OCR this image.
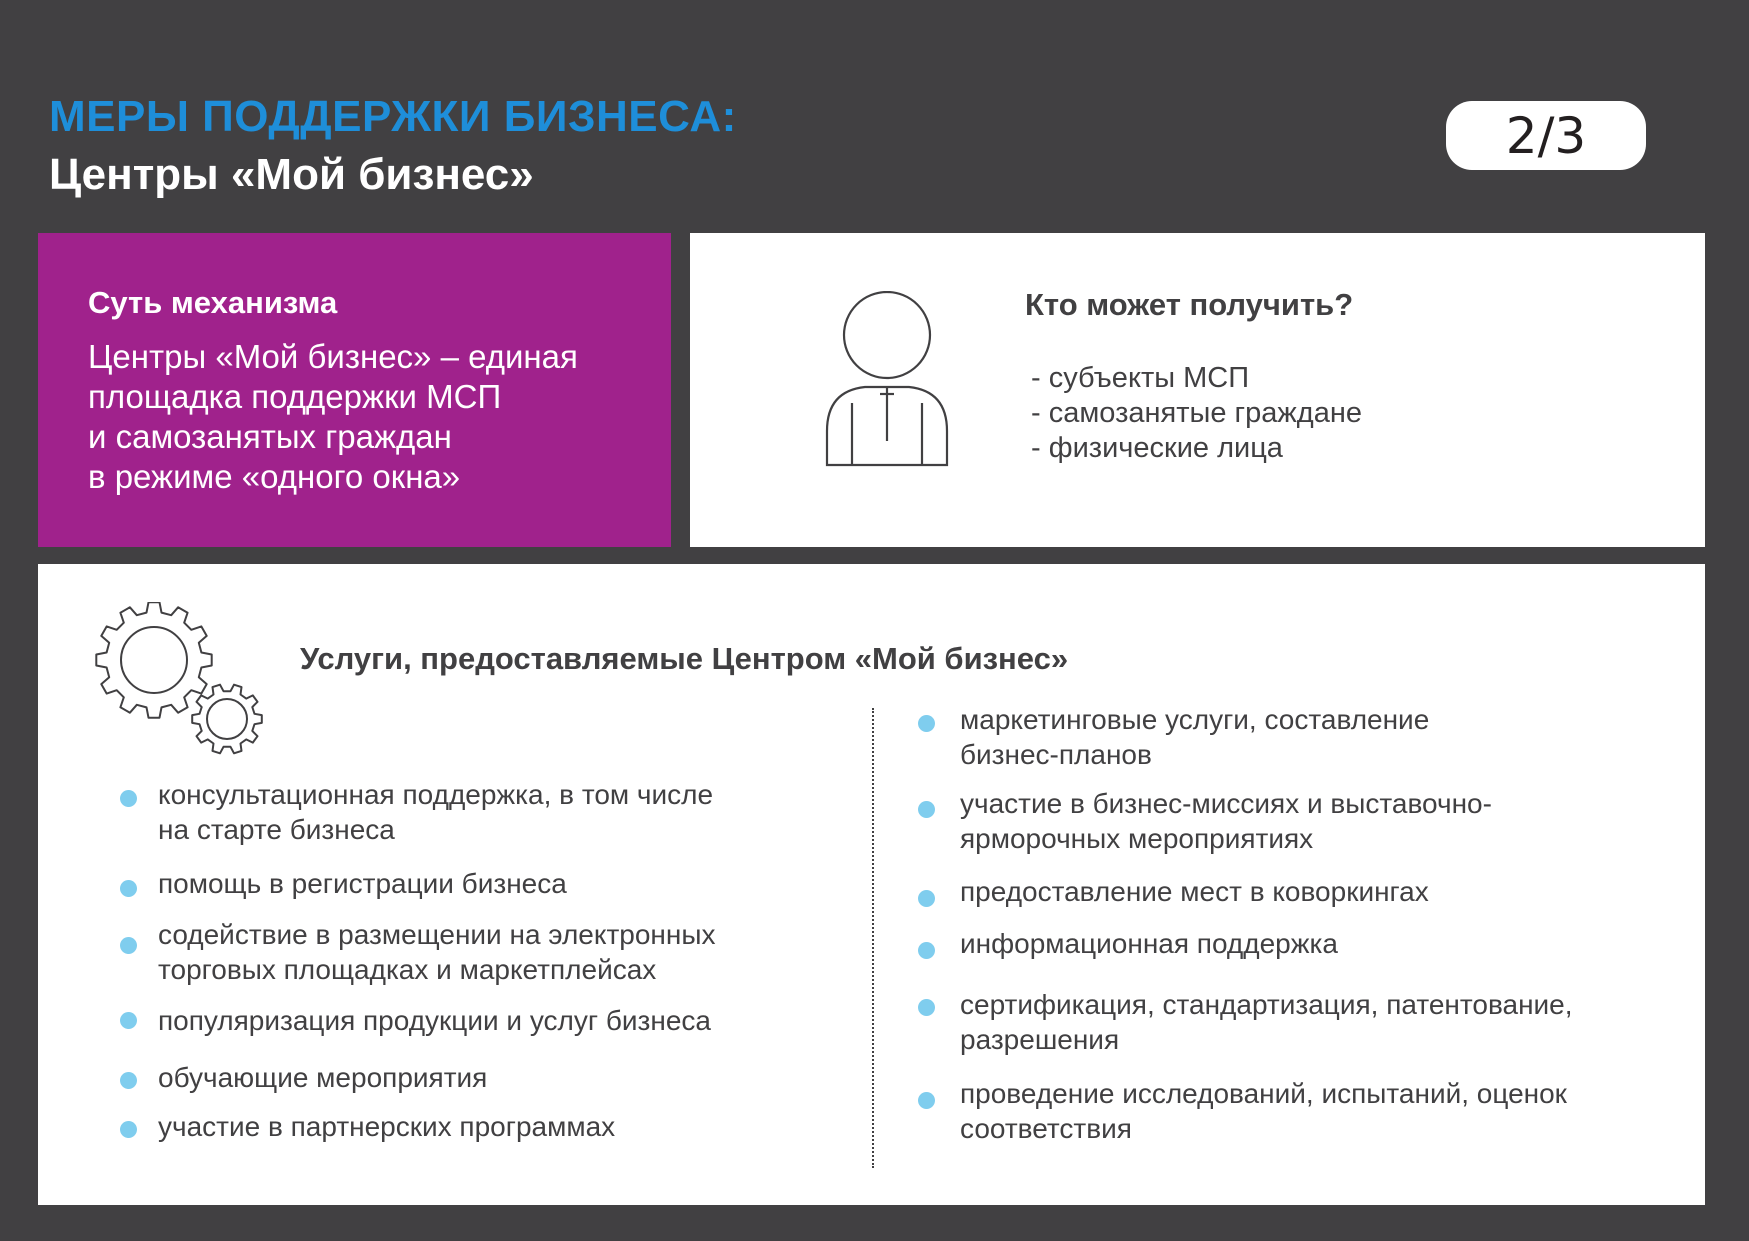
МЕРЫ ПОДДЕРЖКИ БИЗНЕСА:
Центры «Мой бизнес»
2/3
Суть механизма
Центры «Мой бизнес» – единая
площадка поддержки МСП
и самозанятых граждан
в режиме «одного окна»
Кто может получить?
- субъекты МСП
- самозанятые граждане
- физические лица
Услуги, предоставляемые Центром «Мой бизнес»
консультационная поддержка, в том числе
на старте бизнеса
помощь в регистрации бизнеса
содействие в размещении на электронных
торговых площадках и маркетплейсах
популяризация продукции и услуг бизнеса
обучающие мероприятия
участие в партнерских программах
маркетинговые услуги, составление
бизнес-планов
участие в бизнес-миссиях и выставочно-
ярморочных мероприятиях
предоставление мест в коворкингах
информационная поддержка
сертификация, стандартизация, патентование,
разрешения
проведение исследований, испытаний, оценок
соответствия
